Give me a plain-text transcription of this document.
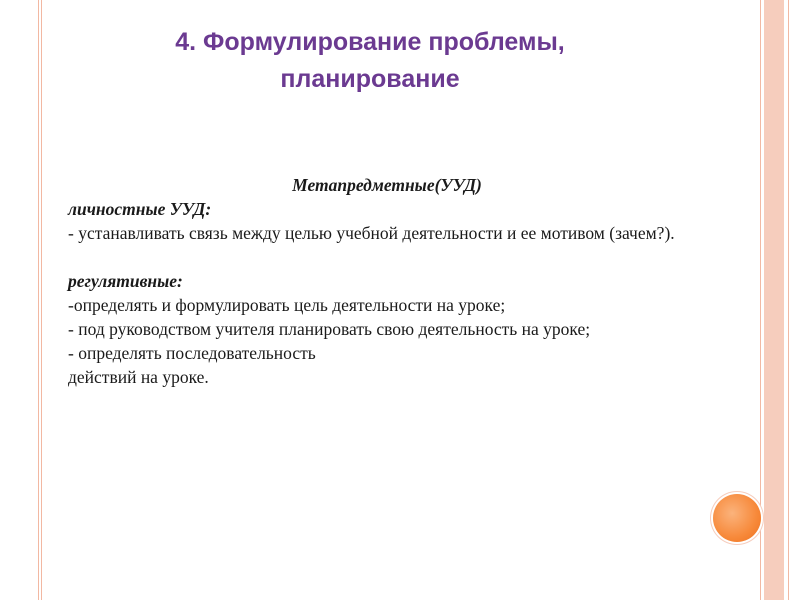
4. Формулирование проблемы,
планирование

Метапредметные(УУД)

личностные УУД:

- устанавливать связь между целью учебной деятельности и ее мотивом (зачем?).

регулятивные:

-определять и формулировать цель деятельности на уроке;

- под руководством учителя планировать свою деятельность на уроке;

- определять последовательность

действий на уроке.
